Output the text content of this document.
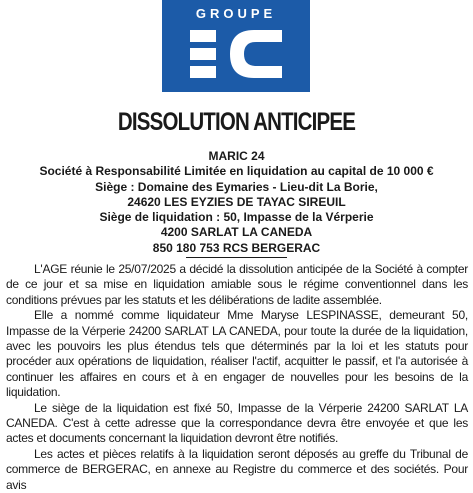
GROUPE
DISSOLUTION ANTICIPEE
MARIC 24
Société à Responsabilité Limitée en liquidation au capital de 10 000 €
Siège : Domaine des Eymaries - Lieu-dit La Borie,
24620 LES EYZIES DE TAYAC SIREUIL
Siège de liquidation : 50, Impasse de la Vérperie
4200 SARLAT LA CANEDA
850 180 753 RCS BERGERAC

L'AGE réunie le 25/07/2025 a décidé la dissolution anticipée de la Société à compter de ce jour et sa mise en liquidation amiable sous le régime conventionnel dans les conditions prévues par les statuts et les délibérations de ladite assemblée.

Elle a nommé comme liquidateur Mme Maryse LESPINASSE, demeurant 50, Impasse de la Vérperie 24200 SARLAT LA CANEDA, pour toute la durée de la liquidation, avec les pouvoirs les plus étendus tels que déterminés par la loi et les statuts pour procéder aux opérations de liquidation, réaliser l'actif, acquitter le passif, et l'a autorisée à continuer les affaires en cours et à en engager de nouvelles pour les besoins de la liquidation.

Le siège de la liquidation est fixé 50, Impasse de la Vérperie 24200 SARLAT LA CANEDA. C'est à cette adresse que la correspondance devra être envoyée et que les actes et documents concernant la liquidation devront être notifiés.

Les actes et pièces relatifs à la liquidation seront déposés au greffe du Tribunal de commerce de BERGERAC, en annexe au Registre du commerce et des sociétés. Pour avis
